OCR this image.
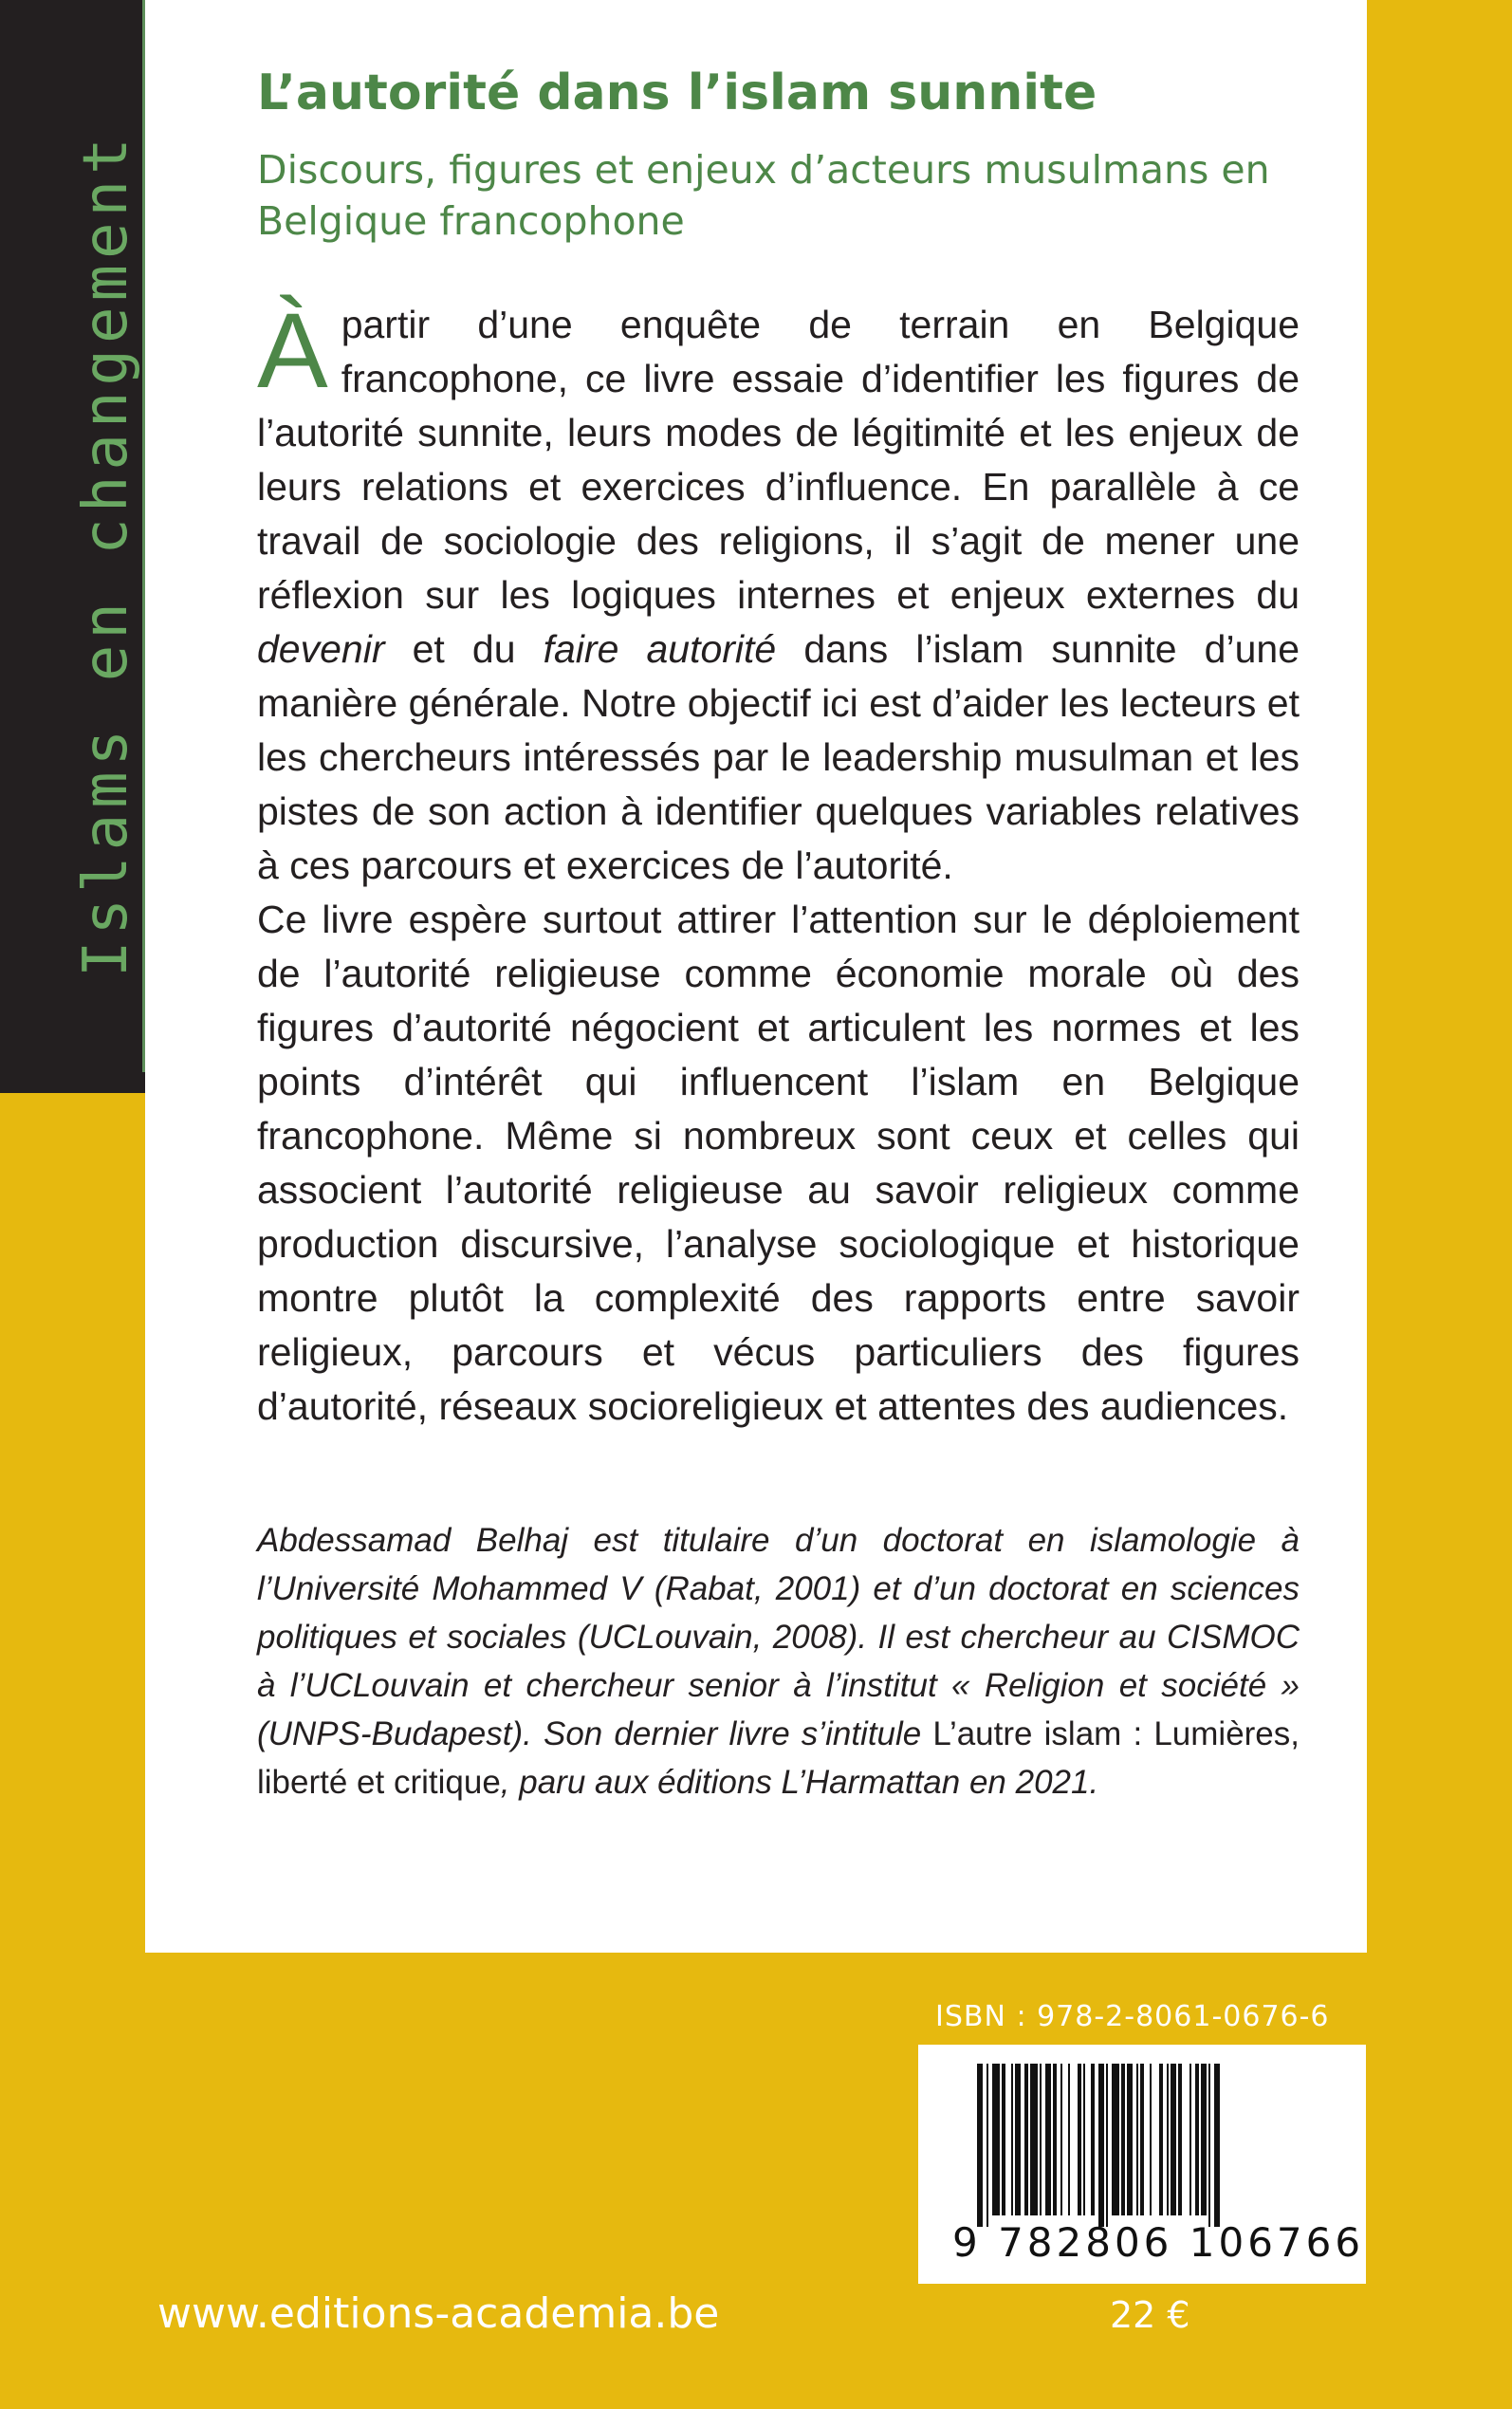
Islams en changement
L’autorité dans l’islam sunnite
Discours, figures et enjeux d’acteurs musulmans en Belgique francophone

Àpartir d’une enquête de terrain en Belgique francophone, ce livre essaie d’identifier les figures de l’autorité sunnite, leurs modes de légitimité et les enjeux de leurs relations et exercices d’influence. En parallèle à ce travail de sociologie des religions, il s’agit de mener une réflexion sur les logiques internes et enjeux externes du devenir et du faire autorité dans l’islam sunnite d’une manière générale. Notre objectif ici est d’aider les lecteurs et les chercheurs intéressés par le leadership musulman et les pistes de son action à identifier quelques variables relatives à ces parcours et exercices de l’autorité.

Ce livre espère surtout attirer l’attention sur le déploiement de l’autorité religieuse comme économie morale où des figures d’autorité négocient et articulent les normes et les points d’intérêt qui influencent l’islam en Belgique francophone. Même si nombreux sont ceux et celles qui associent l’autorité religieuse au savoir religieux comme production discursive, l’analyse sociologique et historique montre plutôt la complexité des rapports entre savoir religieux, parcours et vécus particuliers des figures d’autorité, réseaux socioreligieux et attentes des audiences.

Abdessamad Belhaj est titulaire d’un doctorat en islamologie à l’Université Mohammed V (Rabat, 2001) et d’un doctorat en sciences politiques et sociales (UCLouvain, 2008). Il est chercheur au CISMOC à l’UCLouvain et chercheur senior à l’institut « Religion et société » (UNPS-Budapest). Son dernier livre s’intitule L’autre islam : Lumières, liberté et critique, paru aux éditions L’Harmattan en 2021.
ISBN : 978-2-8061-0676-6
9 782806 106766
www.editions-academia.be	22 €
